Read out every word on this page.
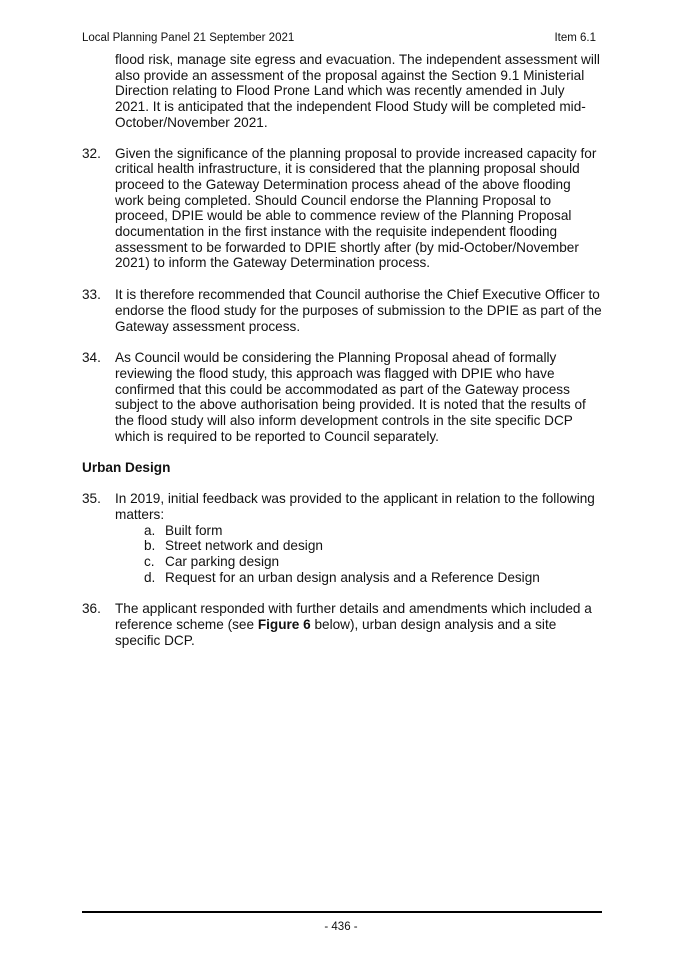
Local Planning Panel 21 September 2021	Item 6.1

flood risk, manage site egress and evacuation. The independent assessment will also provide an assessment of the proposal against the Section 9.1 Ministerial Direction relating to Flood Prone Land which was recently amended in July 2021. It is anticipated that the independent Flood Study will be completed mid-October/November 2021.

32. Given the significance of the planning proposal to provide increased capacity for critical health infrastructure, it is considered that the planning proposal should proceed to the Gateway Determination process ahead of the above flooding work being completed. Should Council endorse the Planning Proposal to proceed, DPIE would be able to commence review of the Planning Proposal documentation in the first instance with the requisite independent flooding assessment to be forwarded to DPIE shortly after (by mid-October/November 2021) to inform the Gateway Determination process.
33. It is therefore recommended that Council authorise the Chief Executive Officer to endorse the flood study for the purposes of submission to the DPIE as part of the Gateway assessment process.
34. As Council would be considering the Planning Proposal ahead of formally reviewing the flood study, this approach was flagged with DPIE who have confirmed that this could be accommodated as part of the Gateway process subject to the above authorisation being provided. It is noted that the results of the flood study will also inform development controls in the site specific DCP which is required to be reported to Council separately.

Urban Design

35. In 2019, initial feedback was provided to the applicant in relation to the following matters:
a. Built form
b. Street network and design
c. Car parking design
d. Request for an urban design analysis and a Reference Design
36. The applicant responded with further details and amendments which included a reference scheme (see Figure 6 below), urban design analysis and a site specific DCP.
- 436 -
